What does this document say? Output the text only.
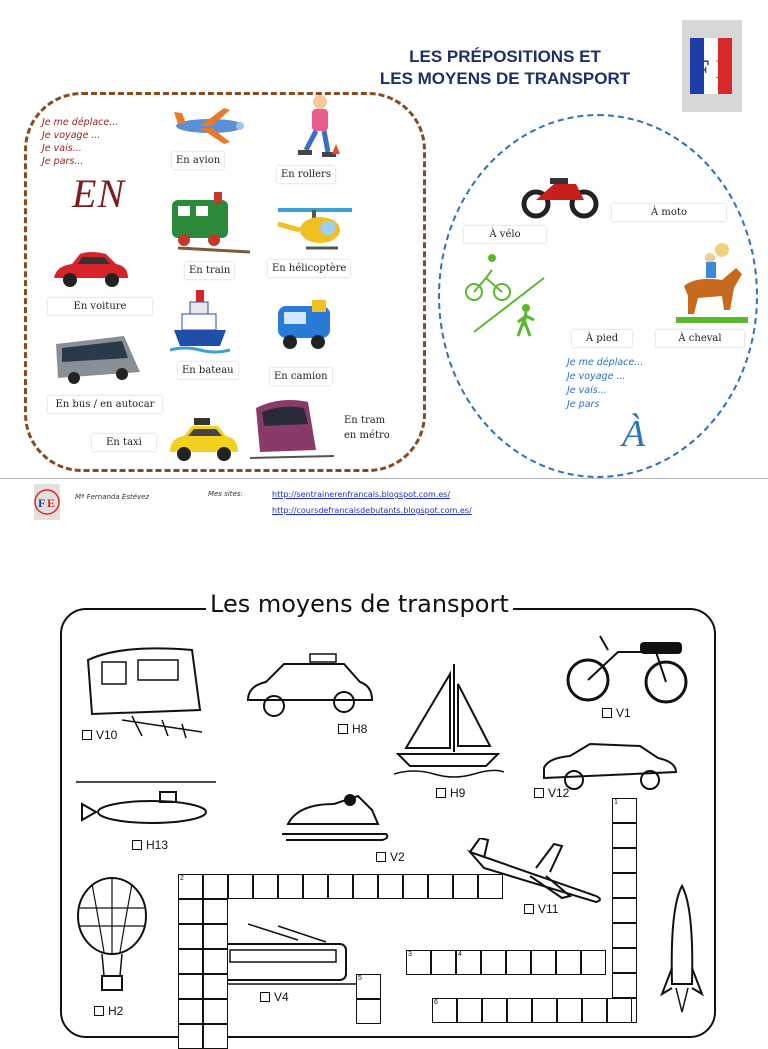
LES PRÉPOSITIONS ET
LES MOYENS DE TRANSPORT	F E
Je me déplace...
Je voyage ...
Je vais...
Je pars...
EN
En avion
En rollers
En train	En hélicoptère
En voiture
En bateau
En camion
En bus / en autocar
En taxi
En tram
en métro
À moto
À vélo
À pied	À cheval
Je me déplace...
Je voyage ...
Je vais...
Je pars
À
F E	Mª Fernanda Estévez	Mes sites:	http://sentrainerenfrancais.blogspot.com.es/
http://coursdefrancaisdebutants.blogspot.com.es/
Les moyens de transport
V10	H8
H9
V1
V12
H13
V2
V11
H2
V4
1
2
3	4
5
6
